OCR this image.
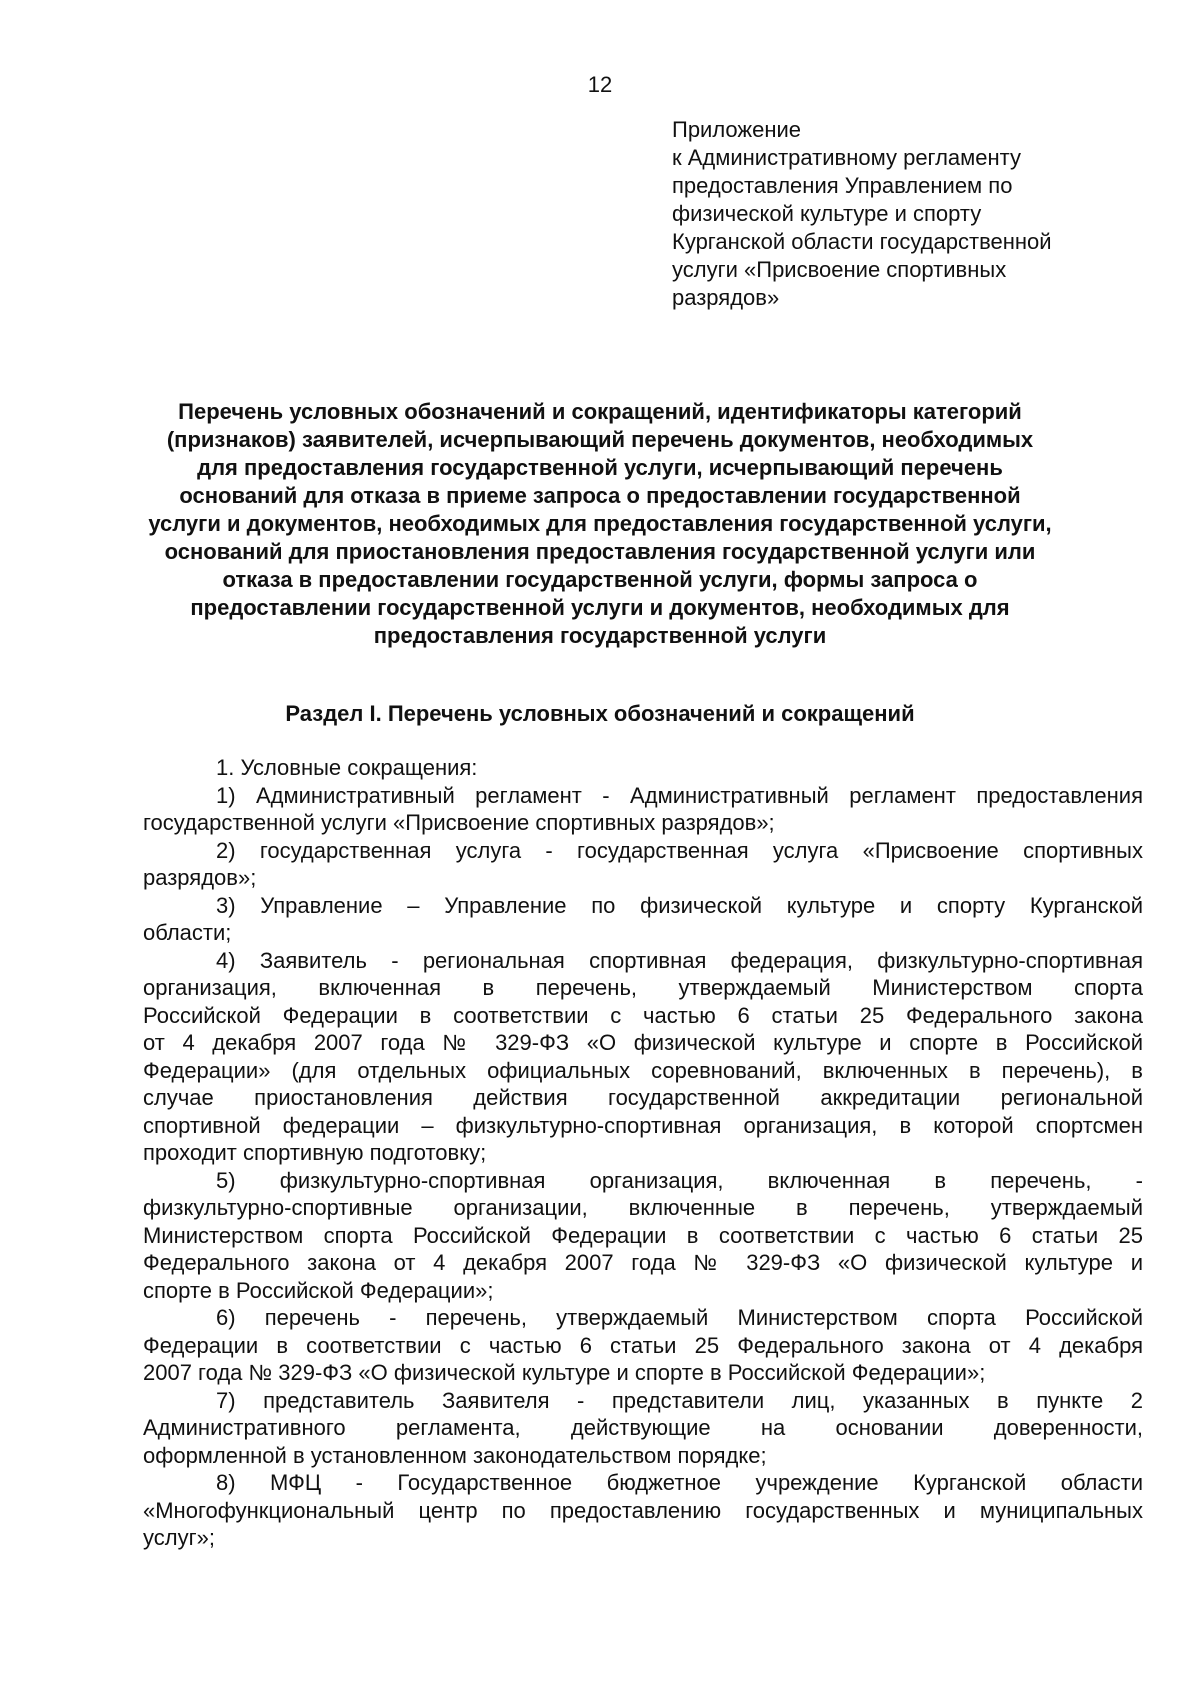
12
Приложение
к Административному регламенту
предоставления Управлением по
физической культуре и спорту
Курганской области государственной
услуги «Присвоение спортивных
разрядов»
Перечень условных обозначений и сокращений, идентификаторы категорий
(признаков) заявителей, исчерпывающий перечень документов, необходимых
для предоставления государственной услуги, исчерпывающий перечень
оснований для отказа в приеме запроса о предоставлении государственной
услуги и документов, необходимых для предоставления государственной услуги,
оснований для приостановления предоставления государственной услуги или
отказа в предоставлении государственной услуги, формы запроса о
предоставлении государственной услуги и документов, необходимых для
предоставления государственной услуги
Раздел I. Перечень условных обозначений и сокращений
1. Условные сокращения:
1) Административный регламент - Административный регламент предоставления
государственной услуги «Присвоение спортивных разрядов»;
2) государственная услуга - государственная услуга «Присвоение спортивных
разрядов»;
3) Управление – Управление по физической культуре и спорту Курганской
области;
4) Заявитель - региональная спортивная федерация, физкультурно-спортивная
организация, включенная в перечень, утверждаемый Министерством спорта
Российской Федерации в соответствии с частью 6 статьи 25 Федерального закона
от 4 декабря 2007 года № 329-ФЗ «О физической культуре и спорте в Российской
Федерации» (для отдельных официальных соревнований, включенных в перечень), в
случае приостановления действия государственной аккредитации региональной
спортивной федерации – физкультурно-спортивная организация, в которой спортсмен
проходит спортивную подготовку;
5) физкультурно-спортивная организация, включенная в перечень, -
физкультурно-спортивные организации, включенные в перечень, утверждаемый
Министерством спорта Российской Федерации в соответствии с частью 6 статьи 25
Федерального закона от 4 декабря 2007 года № 329-ФЗ «О физической культуре и
спорте в Российской Федерации»;
6) перечень - перечень, утверждаемый Министерством спорта Российской
Федерации в соответствии с частью 6 статьи 25 Федерального закона от 4 декабря
2007 года № 329-ФЗ «О физической культуре и спорте в Российской Федерации»;
7) представитель Заявителя - представители лиц, указанных в пункте 2
Административного регламента, действующие на основании доверенности,
оформленной в установленном законодательством порядке;
8) МФЦ - Государственное бюджетное учреждение Курганской области
«Многофункциональный центр по предоставлению государственных и муниципальных
услуг»;
